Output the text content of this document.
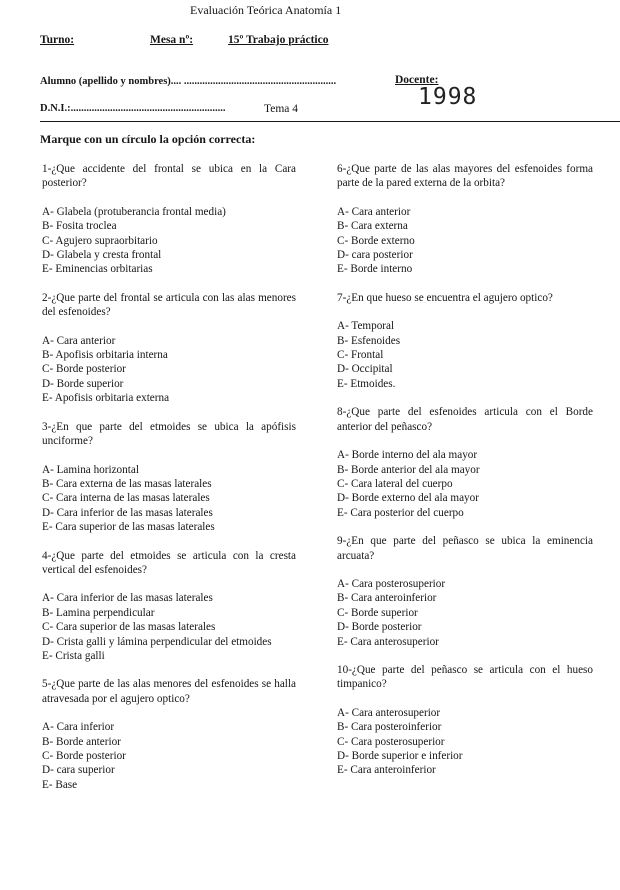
Evaluación Teórica Anatomía 1
Turno:	Mesa nº:	15º Trabajo práctico
Alumno (apellido y nombres).... ..........................................................	Docente:
1998
D.N.I.:...........................................................	Tema 4
Marque con un círculo la opción correcta:

1-¿Que accidente del frontal se ubica en la Cara posterior?

A- Glabela (protuberancia frontal media)
B- Fosita troclea
C- Agujero supraorbitario
D- Glabela y cresta frontal
E- Eminencias orbitarias

2-¿Que parte del frontal se articula con las alas menores del esfenoides?

A- Cara anterior
B- Apofisis orbitaria interna
C- Borde posterior
D- Borde superior
E- Apofisis orbitaria externa

3-¿En que parte del etmoides se ubica la apófisis unciforme?

A- Lamina horizontal
B- Cara externa de las masas laterales
C- Cara interna de las masas laterales
D- Cara inferior de las masas laterales
E- Cara superior de las masas laterales

4-¿Que parte del etmoides se articula con la cresta vertical del esfenoides?

A- Cara inferior de las masas laterales
B- Lamina perpendicular
C- Cara superior de las masas laterales
D- Crista galli y lámina perpendicular del etmoides
E- Crista galli

5-¿Que parte de las alas menores del esfenoides se halla atravesada por el agujero optico?

A- Cara inferior
B- Borde anterior
C- Borde posterior
D- cara superior
E- Base

6-¿Que parte de las alas mayores del esfenoides forma parte de la pared externa de la orbita?

A- Cara anterior
B- Cara externa
C- Borde externo
D- cara posterior
E- Borde interno

7-¿En que hueso se encuentra el agujero optico?

A- Temporal
B- Esfenoides
C- Frontal
D- Occipital
E- Etmoides.

8-¿Que parte del esfenoides articula con el Borde anterior del peñasco?

A- Borde interno del ala mayor
B- Borde anterior del ala mayor
C- Cara lateral del cuerpo
D- Borde externo del ala mayor
E- Cara posterior del cuerpo

9-¿En que parte del peñasco se ubica la eminencia arcuata?

A- Cara posterosuperior
B- Cara anteroinferior
C- Borde superior
D- Borde posterior
E- Cara anterosuperior

10-¿Que parte del peñasco se articula con el hueso timpanico?

A- Cara anterosuperior
B- Cara posteroinferior
C- Cara posterosuperior
D- Borde superior e inferior
E- Cara anteroinferior
